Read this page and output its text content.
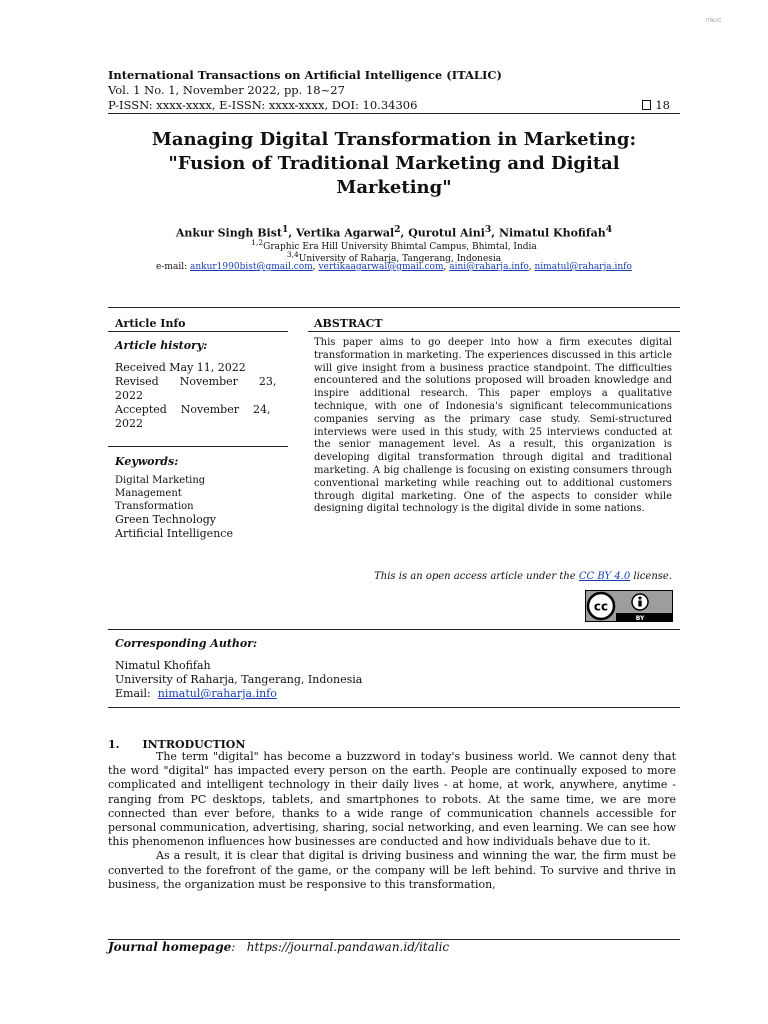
ITALIC
International Transactions on Artificial Intelligence (ITALIC)
Vol. 1 No. 1, November 2022, pp. 18~27
P-ISSN: xxxx-xxxx, E-ISSN: xxxx-xxxx, DOI: 10.34306	18
Managing Digital Transformation in Marketing:
"Fusion of Traditional Marketing and Digital
Marketing"
Ankur Singh Bist$^1$, Vertika Agarwal$^2$, Qurotul Aini$^3$, Nimatul Khofifah$^4$
$^{1,2}$Graphic Era Hill University Bhimtal Campus, Bhimtal, India
$^{3,4}$University of Raharja, Tangerang, Indonesia
e-mail: ankur1990bist@gmail.com, vertikaagarwal@gmail.com, aini@raharja.info, nimatul@raharja.info
Article Info	ABSTRACT
Article history:
Received May 11, 2022
Revised      November      23,
2022
Accepted    November    24,
2022
Keywords:
Digital Marketing
Management
Transformation
Green Technology
Artificial Intelligence
This paper aims to go deeper into how a firm executes digital transformation in marketing. The experiences discussed in this article will give insight from a business practice standpoint. The difficulties encountered and the solutions proposed will broaden knowledge and inspire additional research. This paper employs a qualitative technique, with one of Indonesia's significant telecommunications companies serving as the primary case study. Semi-structured interviews were used in this study, with 25 interviews conducted at the senior management level. As a result, this organization is developing digital transformation through digital and traditional marketing. A big challenge is focusing on existing consumers through conventional marketing while reaching out to additional customers through digital marketing. One of the aspects to consider while designing digital technology is the digital divide in some nations.
This is an open access article under the CC BY 4.0 license.
cc
BY
Corresponding Author:
Nimatul Khofifah
University of Raharja, Tangerang, Indonesia
Email:  nimatul@raharja.info
1.      INTRODUCTION

The term "digital" has become a buzzword in today's business world. We cannot deny that the word "digital" has impacted every person on the earth. People are continually exposed to more complicated and intelligent technology in their daily lives - at home, at work, anywhere, anytime - ranging from PC desktops, tablets, and smartphones to robots. At the same time, we are more connected than ever before, thanks to a wide range of communication channels accessible for personal communication, advertising, sharing, social networking, and even learning. We can see how this phenomenon influences how businesses are conducted and how individuals behave due to it.

As a result, it is clear that digital is driving business and winning the war, the firm must be converted to the forefront of the game, or the company will be left behind. To survive and thrive in business, the organization must be responsive to this transformation,

Journal homepage:   https://journal.pandawan.id/italic
